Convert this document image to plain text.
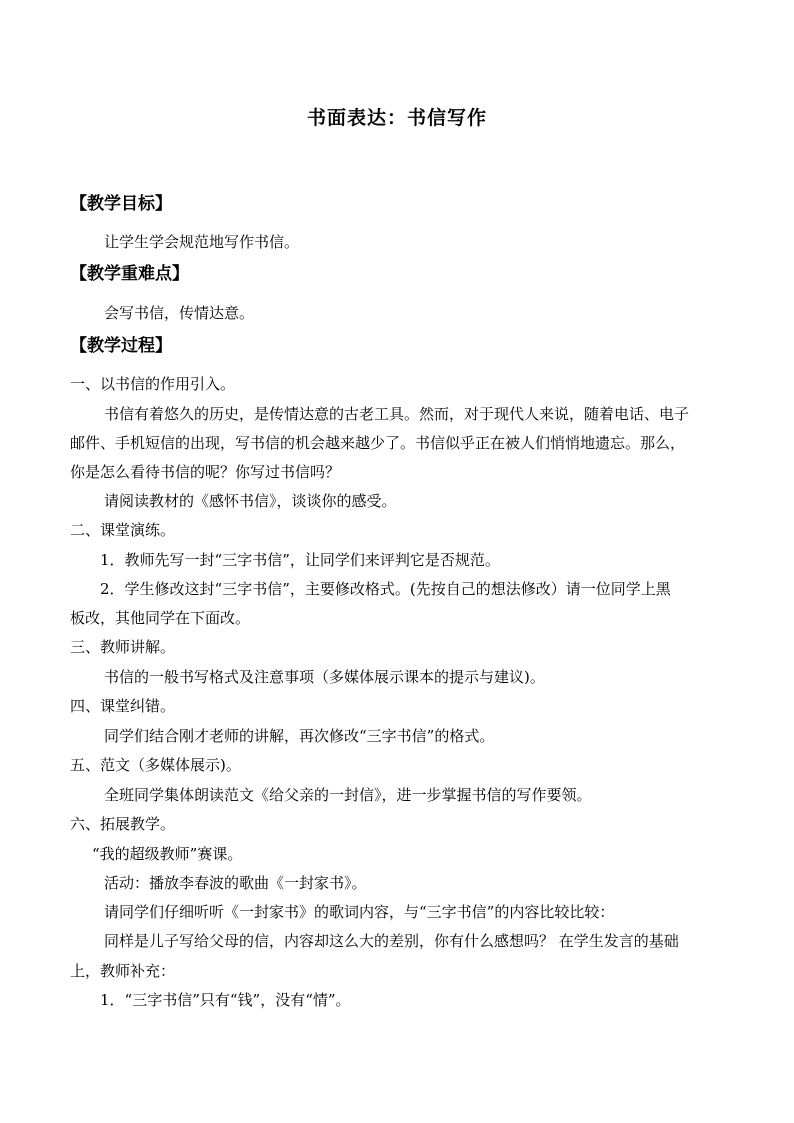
书面表达：书信写作
【教学目标】
让学生学会规范地写作书信。
【教学重难点】
会写书信，传情达意。
【教学过程】
一、以书信的作用引入。
书信有着悠久的历史，是传情达意的古老工具。然而，对于现代人来说，随着电话、电子
邮件、手机短信的出现，写书信的机会越来越少了。书信似乎正在被人们悄悄地遗忘。那么，
你是怎么看待书信的呢？你写过书信吗？
请阅读教材的《感怀书信》，谈谈你的感受。
二、课堂演练。
1．教师先写一封“三字书信”，让同学们来评判它是否规范。
2．学生修改这封“三字书信”，主要修改格式。(先按自己的想法修改）请一位同学上黑
板改，其他同学在下面改。
三、教师讲解。
书信的一般书写格式及注意事项（多媒体展示课本的提示与建议)。
四、课堂纠错。
同学们结合刚才老师的讲解，再次修改“三字书信”的格式。
五、范文（多媒体展示)。
全班同学集体朗读范文《给父亲的一封信》，进一步掌握书信的写作要领。
六、拓展教学。
“我的超级教师”赛课。
活动：播放李春波的歌曲《一封家书》。
请同学们仔细听听《一封家书》的歌词内容，与“三字书信”的内容比较比较：
同样是儿子写给父母的信，内容却这么大的差别，你有什么感想吗？ 在学生发言的基础
上，教师补充：
1．“三字书信”只有“钱”，没有“情”。
